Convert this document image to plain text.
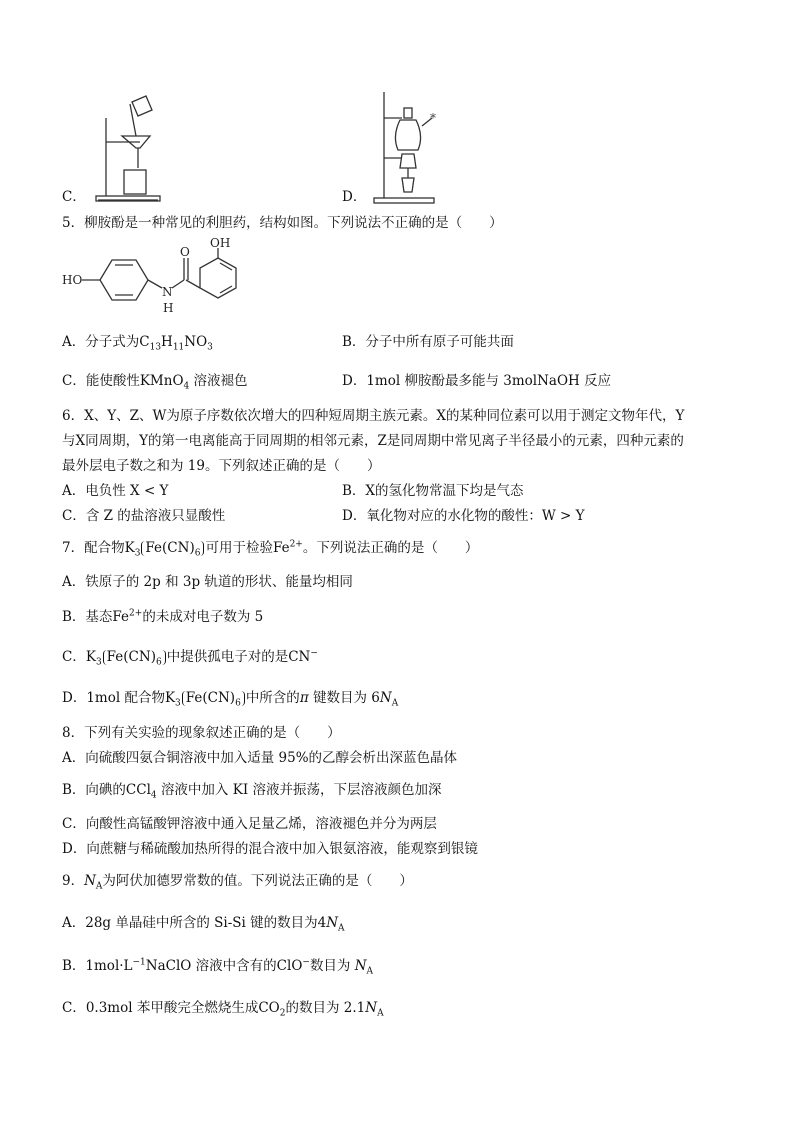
*
C．	D．
5．柳胺酚是一种常见的利胆药，结构如图。下列说法不正确的是（　　）
HO
N
H
O
OH
A．分子式为$C_{13}H_{11}NO_3$	B．分子中所有原子可能共面
C．能使酸性KMnO$_4$ 溶液褪色	D．1mol 柳胺酚最多能与 3molNaOH 反应
6．X、Y、Z、W为原子序数依次增大的四种短周期主族元素。X的某种同位素可以用于测定文物年代，Y
与X同周期，Y的第一电离能高于同周期的相邻元素，Z是同周期中常见离子半径最小的元素，四种元素的
最外层电子数之和为 19。下列叙述正确的是（　　）
A．电负性 X < Y	B．X的氢化物常温下均是气态
C．含 Z 的盐溶液只显酸性	D．氧化物对应的水化物的酸性：W > Y
7．配合物$K_3$ $Fe(CN)_6$ 可用于检验$Fe^{2+}$。下列说法正确的是（　　）
A．铁原子的 2p 和 3p 轨道的形状、能量均相同
B．基态$Fe^{2+}$的未成对电子数为 5
C．$K_3$ $Fe(CN)_6$ 中提供孤电子对的是CN−
D．1mol 配合物$K_3$ $Fe(CN)_6$ 中所含的π 键数目为 $6N_A$
8．下列有关实验的现象叙述正确的是（　　）
A．向硫酸四氨合铜溶液中加入适量 95%的乙醇会析出深蓝色晶体
B．向碘的CCl$_4$ 溶液中加入 KI 溶液并振荡，下层溶液颜色加深
C．向酸性高锰酸钾溶液中通入足量乙烯，溶液褪色并分为两层
D．向蔗糖与稀硫酸加热所得的混合液中加入银氨溶液，能观察到银镜
9．$N_A$为阿伏加德罗常数的值。下列说法正确的是（　　）
A．28g 单晶硅中所含的 Si-Si 键的数目为$4N_A$
B．$1mol\cdot L^{-1}NaClO$ 溶液中含有的ClO−数目为 $N_A$
C．0.3mol 苯甲酸完全燃烧生成$CO_2$的数目为 $2.1N_A$
